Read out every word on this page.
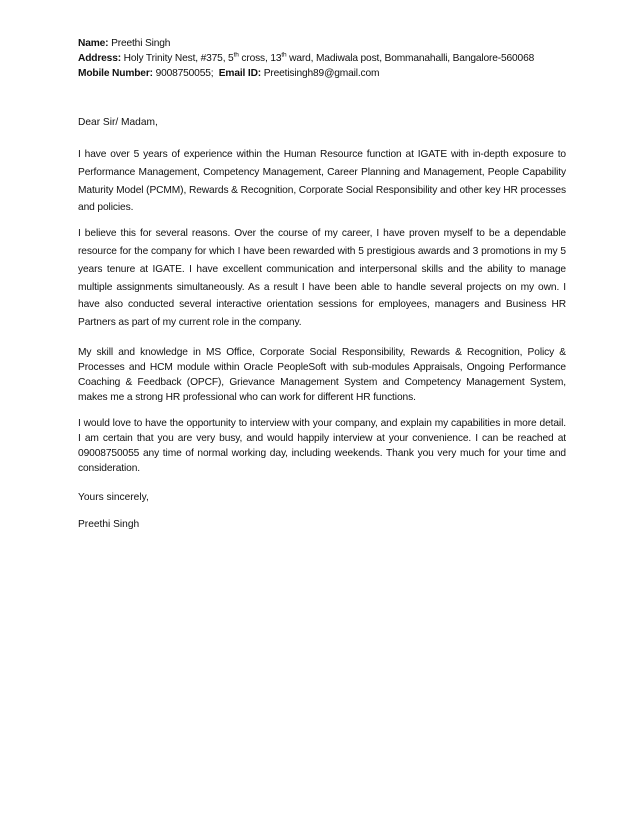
Name: Preethi Singh

Address: Holy Trinity Nest, #375, 5th cross, 13th ward, Madiwala post, Bommanahalli, Bangalore-560068

Mobile Number: 9008750055; Email ID: Preetisingh89@gmail.com

Dear Sir/ Madam,

I have over 5 years of experience within the Human Resource function at IGATE with in-depth exposure to Performance Management, Competency Management, Career Planning and Management, People Capability Maturity Model (PCMM), Rewards & Recognition, Corporate Social Responsibility and other key HR processes and policies.

I believe this for several reasons. Over the course of my career, I have proven myself to be a dependable resource for the company for which I have been rewarded with 5 prestigious awards and 3 promotions in my 5 years tenure at IGATE. I have excellent communication and interpersonal skills and the ability to manage multiple assignments simultaneously. As a result I have been able to handle several projects on my own. I have also conducted several interactive orientation sessions for employees, managers and Business HR Partners as part of my current role in the company.

My skill and knowledge in MS Office, Corporate Social Responsibility, Rewards & Recognition, Policy & Processes and HCM module within Oracle PeopleSoft with sub-modules Appraisals, Ongoing Performance Coaching & Feedback (OPCF), Grievance Management System and Competency Management System, makes me a strong HR professional who can work for different HR functions.

I would love to have the opportunity to interview with your company, and explain my capabilities in more detail. I am certain that you are very busy, and would happily interview at your convenience. I can be reached at 09008750055 any time of normal working day, including weekends. Thank you very much for your time and consideration.

Yours sincerely,

Preethi Singh
